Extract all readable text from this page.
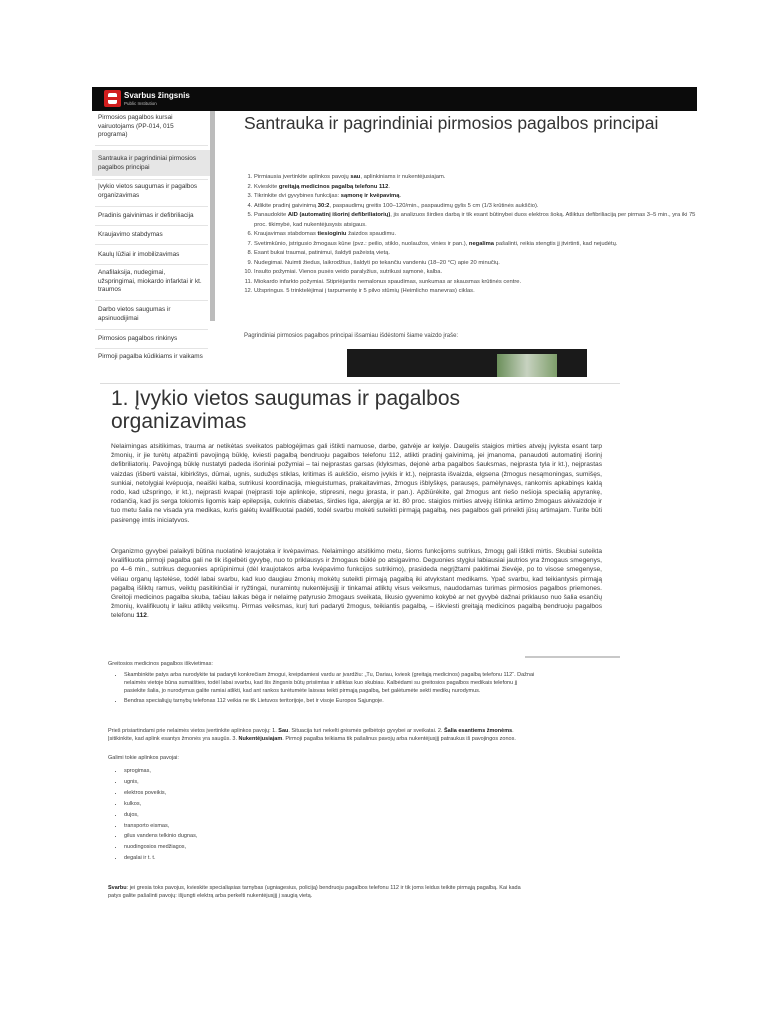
Svarbus žingsnis
Public Institution
Pirmosios pagalbos kursai vairuotojams (PP-014, 015 programa)
Santrauka ir pagrindiniai pirmosios pagalbos principai
Įvykio vietos saugumas ir pagalbos organizavimas
Pradinis gaivinimas ir defibriliacija
Kraujavimo stabdymas
Kaulų lūžiai ir imobilizavimas
Anafilaksija, nudegimai, užspringimai, miokardo infarktai ir kt. traumos
Darbo vietos saugumas ir apsinuodijimai
Pirmosios pagalbos rinkinys
Pirmoji pagalba kūdikiams ir vaikams
Santrauka ir pagrindiniai pirmosios pagalbos principai
1. Pirmiausia įvertinkite aplinkos pavojų sau, aplinkiniams ir nukentėjusiajam.
2. Kvieskite greitąją medicinos pagalbą telefonu 112.
3. Tikrinkite dvi gyvybines funkcijas: sąmonę ir kvėpavimą.
4. Atlikite pradinį gaivinimą 30:2, paspaudimų greitis 100–120/min., paspaudimų gylis 5 cm (1/3 krūtinės aukščio).
5. Panaudokite AID (automatinį išorinį defibriliatorių), jis analizuos širdies darbą ir tik esant būtinybei duos elektros šoką. Atliktus defibriliaciją per pirmas 3–5 min., yra iki 75 proc. tikimybė, kad nukentėjusysis atsigaus.
6. Kraujavimas stabdomas tiesioginiu žaizdos spaudimu.
7. Svetimkūnio, įstrigusio žmogaus kūne (pvz.: peilio, stiklo, nuolaužos, vinies ir pan.), negalima pašalinti, reikia stengtis jį įtvirtinti, kad nejudėtų.
8. Esant bukai traumai, patinimui, šaldyti pažeistą vietą.
9. Nudegimai. Nuimti žiedus, laikrodžius, šaldyti po tekančiu vandeniu (18–20 °C) apie 20 minučių.
10. Insulto požymiai. Vienos pusės veido paralyžius, sutrikusi sąmonė, kalba.
11. Miokardo infarkto požymiai. Stipriėjantis nemalonus spaudimas, sunkumas ar skausmas krūtinės centre.
12. Užspringus. 5 trinktelėjimai į tarpumentę ir 5 pilvo stūmių (Heimlicho manevras) ciklas.
Pagrindiniai pirmosios pagalbos principai išsamiau išdėstomi šiame vaizdo įraše:
1. Įvykio vietos saugumas ir pagalbos organizavimas

Nelaimingas atsitikimas, trauma ar netikėtas sveikatos pablogėjimas gali ištikti namuose, darbe, gatvėje ar kelyje. Daugelis staigios mirties atvejų įvyksta esant tarp žmonių, ir jie turėtų atpažinti pavojingą būklę, kviesti pagalbą bendruoju pagalbos telefonu 112, atlikti pradinį gaivinimą, jei įmanoma, panaudoti automatinį išorinį defibriliatorių. Pavojingą būklę nustatyti padeda išoriniai požymiai – tai neįprastas garsas (klyksmas, dejonė arba pagalbos šauksmas, neįprasta tyla ir kt.), neįprastas vaizdas (išberti vaistai, kibirkštys, dūmai, ugnis, sudužęs stiklas, kritimas iš aukščio, eismo įvykis ir kt.), neįprasta išvaizda, elgsena (žmogus nesąmoningas, sumišęs, sunkiai, netolygiai kvėpuoja, neaiški kalba, sutrikusi koordinacija, mieguistumas, prakaitavimas, žmogus išblyškęs, parausęs, pamėlynavęs, rankomis apkabinęs kaklą rodo, kad užspringo, ir kt.), neįprasti kvapai (neįprasti toje aplinkoje, stipresni, negu įprasta, ir pan.). Apžiūrėkite, gal žmogus ant riešo nešioja specialią apyrankę, rodančią, kad jis serga tokiomis ligomis kaip epilepsija, cukrinis diabetas, širdies liga, alergija ar kt. 80 proc. staigios mirties atvejų ištinka artimo žmogaus akivaizdoje ir tuo metu šalia ne visada yra medikas, kuris galėtų kvalifikuotai padėti, todėl svarbu mokėti suteikti pirmąją pagalbą, nes pagalbos gali prireikti jūsų artimajam. Turite būti pasirengę imtis iniciatyvos.

Organizmo gyvybei palaikyti būtina nuolatinė kraujotaka ir kvėpavimas. Nelaimingo atsitikimo metu, šioms funkcijoms sutrikus, žmogų gali ištikti mirtis. Skubiai suteikta kvalifikuota pirmoji pagalba gali ne tik išgelbėti gyvybę, nuo to priklausys ir žmogaus būklė po atsigavimo. Deguonies stygiui labiausiai jautrios yra žmogaus smegenys, po 4–6 min., sutrikus deguonies aprūpinimui (dėl kraujotakos arba kvėpavimo funkcijos sutrikimo), prasideda negrįžtami pakitimai žievėje, po to visose smegenyse, vėliau organų ląstelėse, todėl labai svarbu, kad kuo daugiau žmonių mokėtų suteikti pirmąją pagalbą iki atvykstant medikams. Ypač svarbu, kad teikiantysis pirmąją pagalbą išliktų ramus, veiktų pasitikinčiai ir ryžtingai, nuramintų nukentėjusįjį ir tinkamai atliktų visus veiksmus, naudodamas turimas pirmosios pagalbos priemones. Greitoji medicinos pagalba skuba, tačiau laikas bėga ir nelaimę patyrusio žmogaus sveikata, likusio gyvenimo kokybė ar net gyvybė dažnai priklauso nuo šalia esančių žmonių, kvalifikuotų ir laiku atliktų veiksmų. Pirmas veiksmas, kurį turi padaryti žmogus, teikiantis pagalbą, – iškviesti greitąją medicinos pagalbą bendruoju pagalbos telefonu 112.

Greitosios medicinos pagalbos iškvietimas:

• Skambinkite patys arba nurodykite tai padaryti konkrečiam žmogui, kreipdamiesi vardu ar įvardžiu: „Tu, Dariau, kviesk (greitąją medicinos) pagalbą telefonu 112“. Dažnai nelaimės vietoje būna sumaišties, todėl labai svarbu, kad šis žingsnis būtų prisiimtas ir atliktas kuo skubiau. Kalbėdami su greitosios pagalbos medikais telefonu jį pasiekite šalia, jo nurodymus galite ramiai atlikti, kad ant rankos turėtumėte laisvas teikti pirmąją pagalbą, bet galėtumėte sekti medikų nurodymus.
• Bendras specialiųjų tarnybų telefonas 112 veikia ne tik Lietuvos teritorijoje, bet ir visoje Europos Sąjungoje.

Prieš prisiartindami prie nelaimės vietos įvertinkite aplinkos pavojų: 1. Sau. Situacija turi nekelti grėsmės gelbėtojo gyvybei ar sveikatai. 2. Šalia esantiems žmonėms. Įsitikinkite, kad aplink esantys žmonės yra saugūs. 3. Nukentėjusiajam. Pirmoji pagalba teikiama tik pašalinus pavojų arba nukentėjusįjį patraukus iš pavojingos zonos.

Galimi tokie aplinkos pavojai:

• sprogimas,
• ugnis,
• elektros poveikis,
• kulkos,
• dujos,
• transporto eismas,
• gilus vandens telkinio dugnas,
• nuodingosios medžiagos,
• degalai ir t. t.

Svarbu: jei gresia toks pavojus, kvieskite specialiąsias tarnybas (ugniagesius, policiją) bendruoju pagalbos telefonu 112 ir tik joms leidus teikite pirmąją pagalbą. Kai kada patys galite pašalinti pavojų: išjungti elektrą arba perkelti nukentėjusįjį į saugią vietą.
